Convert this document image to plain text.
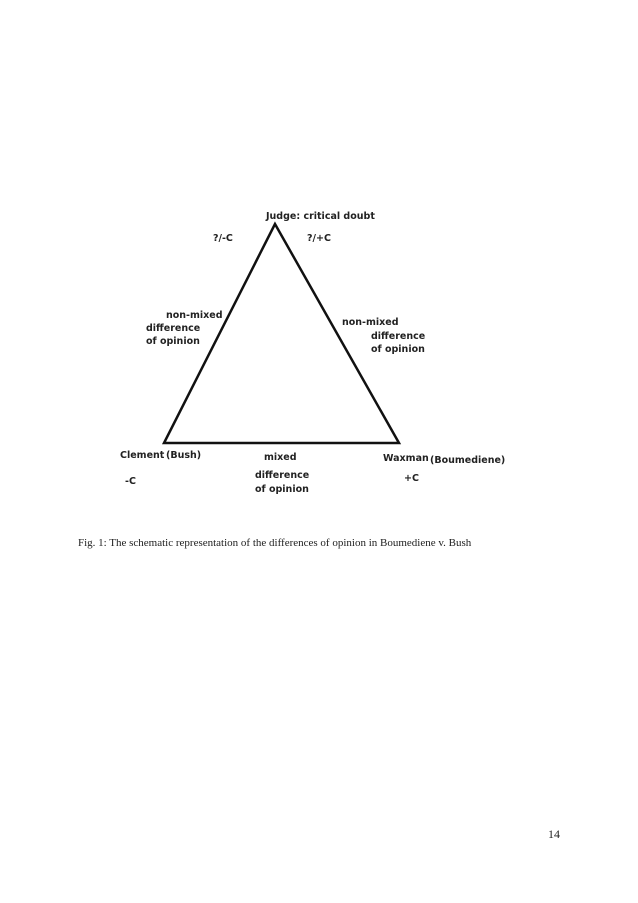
Judge: critical doubt
?/-C	?/+C
non-mixed
difference
of opinion
non-mixed
difference
of opinion
Clement (Bush)
-C
Waxman (Boumediene)
+C
mixed
difference
of opinion
Fig. 1: The schematic representation of the differences of opinion in Boumediene v. Bush
14
